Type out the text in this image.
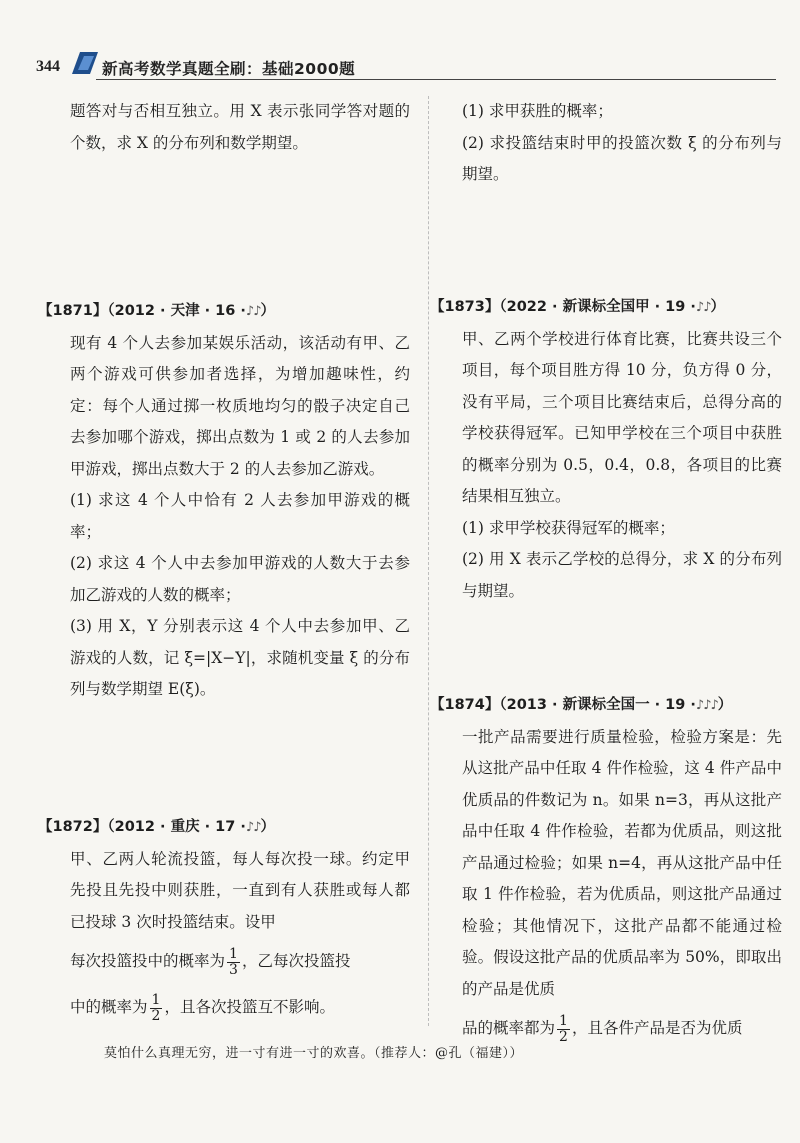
344	新高考数学真题全刷：基础2000题

题答对与否相互独立。用 X 表示张同学答对题的个数，求 X 的分布列和数学期望。

【1871】（2012 · 天津 · 16 ·♪♪）

现有 4 个人去参加某娱乐活动，该活动有甲、乙两个游戏可供参加者选择，为增加趣味性，约定：每个人通过掷一枚质地均匀的骰子决定自己去参加哪个游戏，掷出点数为 1 或 2 的人去参加甲游戏，掷出点数大于 2 的人去参加乙游戏。

(1) 求这 4 个人中恰有 2 人去参加甲游戏的概率；

(2) 求这 4 个人中去参加甲游戏的人数大于去参加乙游戏的人数的概率；

(3) 用 X，Y 分别表示这 4 个人中去参加甲、乙游戏的人数，记 ξ=|X−Y|，求随机变量 ξ 的分布列与数学期望 E(ξ)。

【1872】（2012 · 重庆 · 17 ·♪♪）

甲、乙两人轮流投篮，每人每次投一球。约定甲先投且先投中则获胜，一直到有人获胜或每人都已投球 3 次时投篮结束。设甲

每次投篮投中的概率为 $\frac{1}{3}$ ，乙每次投篮投

中的概率为 $\frac{1}{2}$ ，且各次投篮互不影响。

(1) 求甲获胜的概率；

(2) 求投篮结束时甲的投篮次数 ξ 的分布列与期望。

【1873】（2022 · 新课标全国甲 · 19 ·♪♪）

甲、乙两个学校进行体育比赛，比赛共设三个项目，每个项目胜方得 10 分，负方得 0 分，没有平局，三个项目比赛结束后，总得分高的学校获得冠军。已知甲学校在三个项目中获胜的概率分别为 0.5，0.4，0.8，各项目的比赛结果相互独立。

(1) 求甲学校获得冠军的概率；

(2) 用 X 表示乙学校的总得分，求 X 的分布列与期望。

【1874】（2013 · 新课标全国一 · 19 ·♪♪♪）

一批产品需要进行质量检验，检验方案是：先从这批产品中任取 4 件作检验，这 4 件产品中优质品的件数记为 n。如果 n=3，再从这批产品中任取 4 件作检验，若都为优质品，则这批产品通过检验；如果 n=4，再从这批产品中任取 1 件作检验，若为优质品，则这批产品通过检验；其他情况下，这批产品都不能通过检验。假设这批产品的优质品率为 50%，即取出的产品是优质

品的概率都为 $\frac{1}{2}$ ，且各件产品是否为优质

莫怕什么真理无穷，进一寸有进一寸的欢喜。（推荐人：@孔（福建））
